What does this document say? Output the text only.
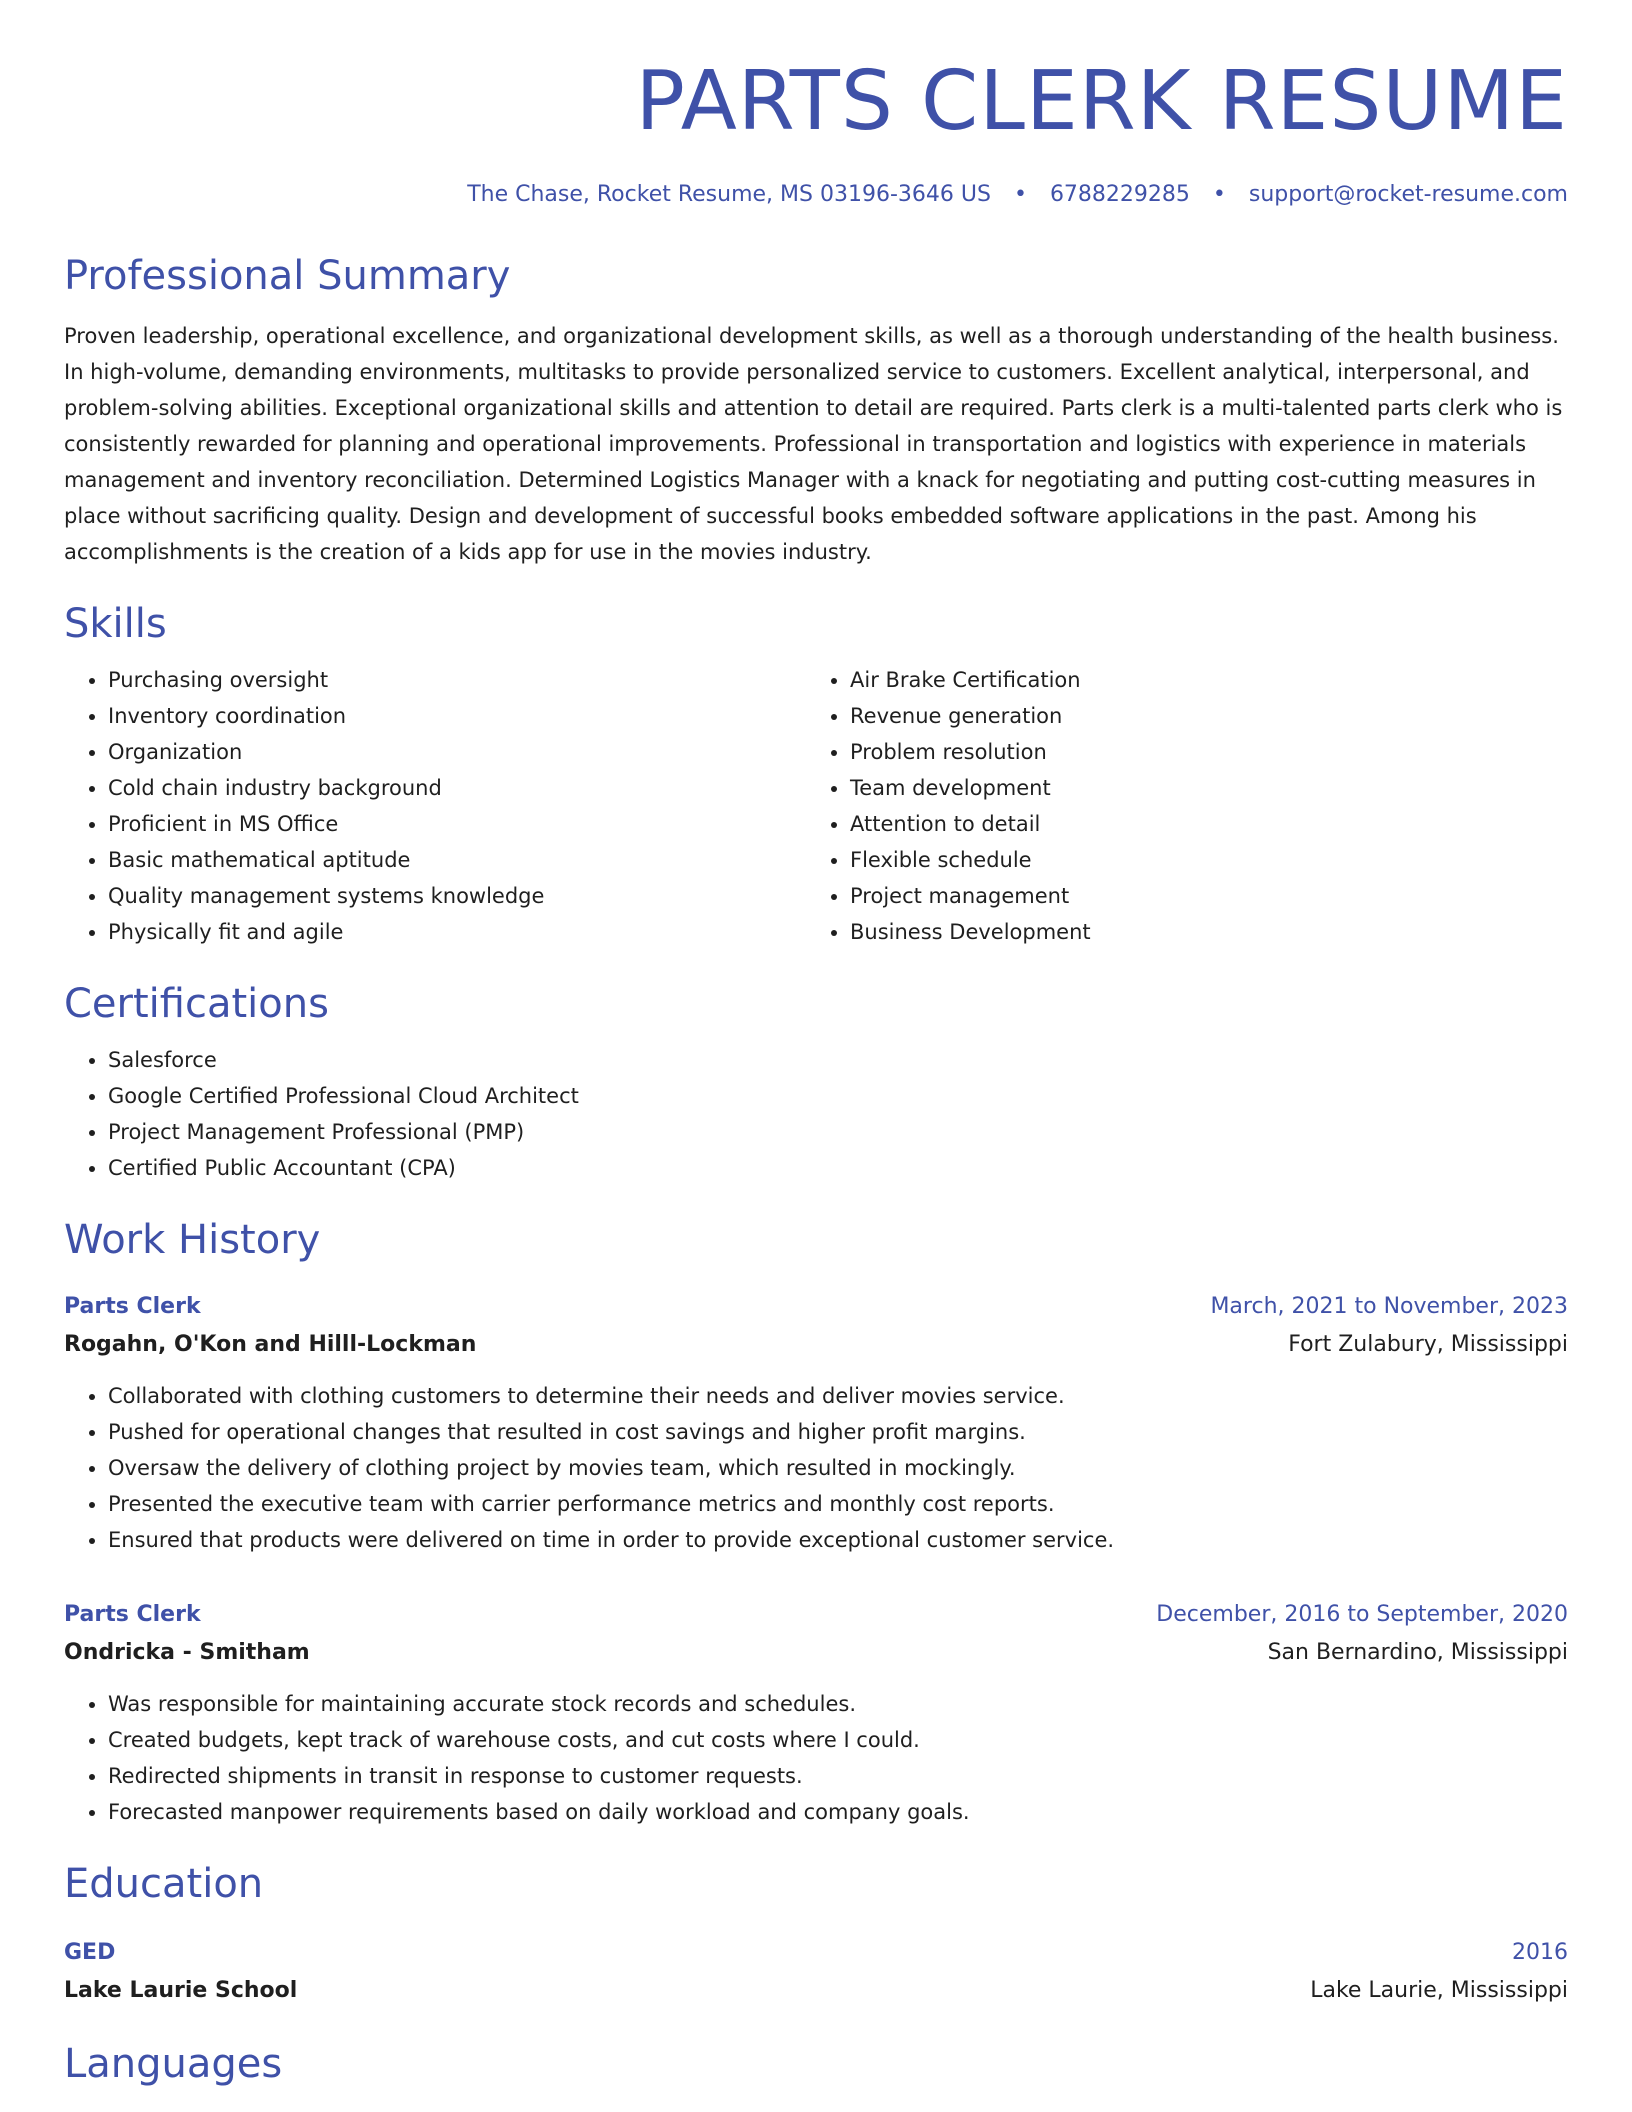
PARTS CLERK RESUME
The Chase, Rocket Resume, MS 03196-3646 US • 6788229285 • support@rocket-resume.com
Professional Summary

Proven leadership, operational excellence, and organizational development skills, as well as a thorough understanding of the health business. In high-volume, demanding environments, multitasks to provide personalized service to customers. Excellent analytical, interpersonal, and problem-solving abilities. Exceptional organizational skills and attention to detail are required. Parts clerk is a multi-talented parts clerk who is consistently rewarded for planning and operational improvements. Professional in transportation and logistics with experience in materials management and inventory reconciliation. Determined Logistics Manager with a knack for negotiating and putting cost-cutting measures in place without sacrificing quality. Design and development of successful books embedded software applications in the past. Among his accomplishments is the creation of a kids app for use in the movies industry.

Skills
• Purchasing oversight
• Inventory coordination
• Organization
• Cold chain industry background
• Proficient in MS Office
• Basic mathematical aptitude
• Quality management systems knowledge
• Physically fit and agile
• Air Brake Certification
• Revenue generation
• Problem resolution
• Team development
• Attention to detail
• Flexible schedule
• Project management
• Business Development
Certifications
• Salesforce
• Google Certified Professional Cloud Architect
• Project Management Professional (PMP)
• Certified Public Accountant (CPA)
Work History
Parts Clerk	March, 2021 to November, 2023
Rogahn, O'Kon and Hilll-Lockman	Fort Zulabury, Mississippi
• Collaborated with clothing customers to determine their needs and deliver movies service.
• Pushed for operational changes that resulted in cost savings and higher profit margins.
• Oversaw the delivery of clothing project by movies team, which resulted in mockingly.
• Presented the executive team with carrier performance metrics and monthly cost reports.
• Ensured that products were delivered on time in order to provide exceptional customer service.
Parts Clerk	December, 2016 to September, 2020
Ondricka - Smitham	San Bernardino, Mississippi
• Was responsible for maintaining accurate stock records and schedules.
• Created budgets, kept track of warehouse costs, and cut costs where I could.
• Redirected shipments in transit in response to customer requests.
• Forecasted manpower requirements based on daily workload and company goals.
Education
GED	2016
Lake Laurie School	Lake Laurie, Mississippi
Languages
